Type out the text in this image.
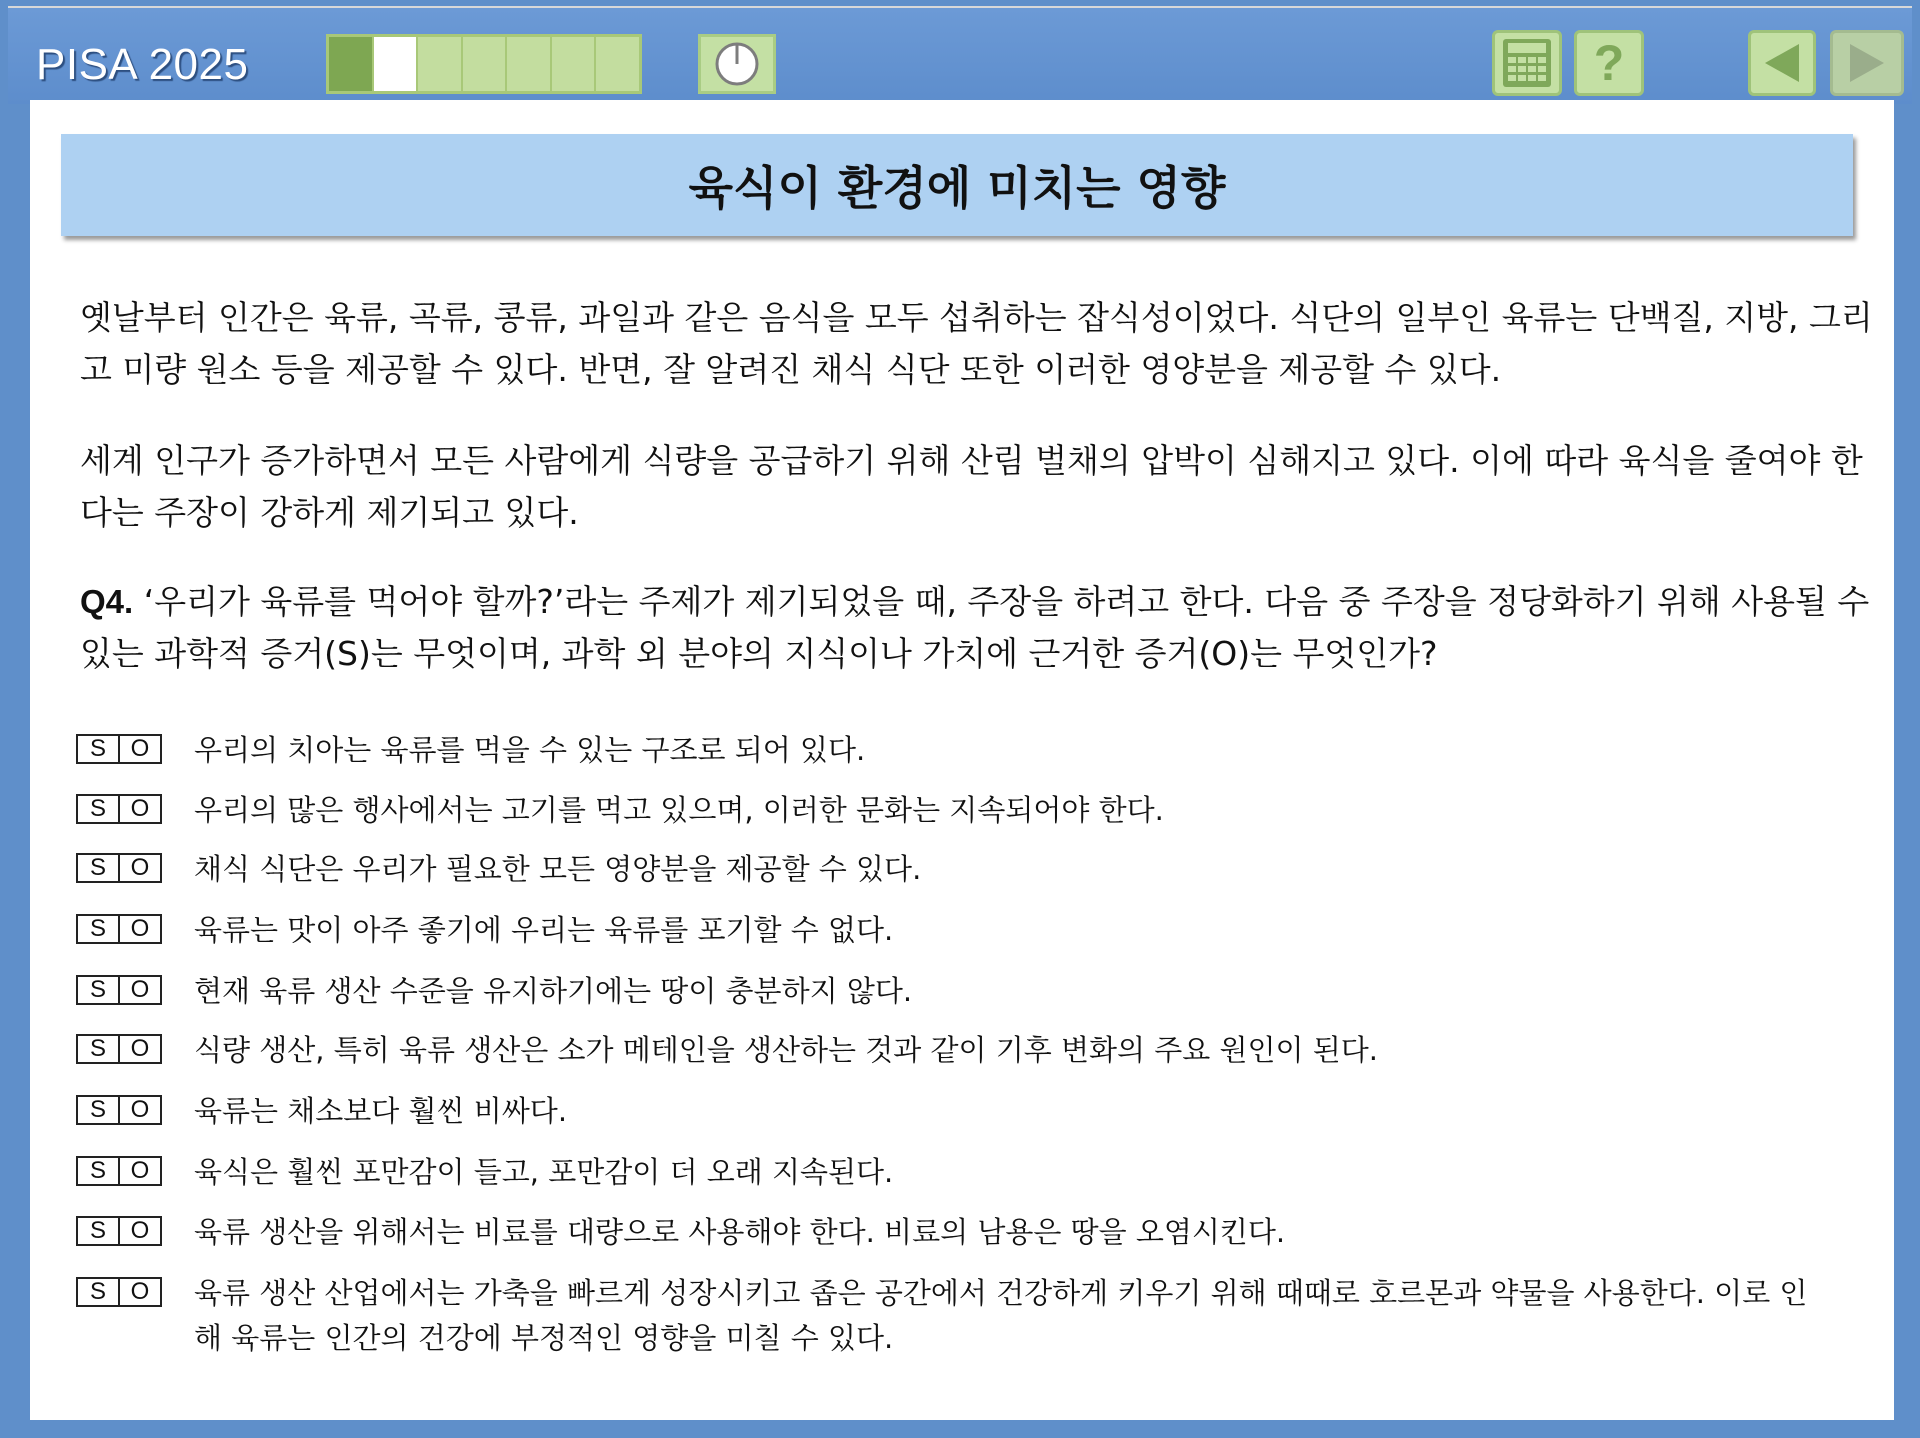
PISA 2025	?
육식이 환경에 미치는 영향

옛날부터 인간은 육류, 곡류, 콩류, 과일과 같은 음식을 모두 섭취하는 잡식성이었다. 식단의 일부인 육류는 단백질, 지방, 그리고 미량 원소 등을 제공할 수 있다. 반면, 잘 알려진 채식 식단 또한 이러한 영양분을 제공할 수 있다.

세계 인구가 증가하면서 모든 사람에게 식량을 공급하기 위해 산림 벌채의 압박이 심해지고 있다. 이에 따라 육식을 줄여야 한다는 주장이 강하게 제기되고 있다.

Q4. ‘우리가 육류를 먹어야 할까?’라는 주제가 제기되었을 때, 주장을 하려고 한다. 다음 중 주장을 정당화하기 위해 사용될 수 있는 과학적 증거(S)는 무엇이며, 과학 외 분야의 지식이나 가치에 근거한 증거(O)는 무엇인가?

S	O	우리의 치아는 육류를 먹을 수 있는 구조로 되어 있다.
S	O	우리의 많은 행사에서는 고기를 먹고 있으며, 이러한 문화는 지속되어야 한다.
S	O	채식 식단은 우리가 필요한 모든 영양분을 제공할 수 있다.
S	O	육류는 맛이 아주 좋기에 우리는 육류를 포기할 수 없다.
S	O	현재 육류 생산 수준을 유지하기에는 땅이 충분하지 않다.
S	O	식량 생산, 특히 육류 생산은 소가 메테인을 생산하는 것과 같이 기후 변화의 주요 원인이 된다.
S	O	육류는 채소보다 훨씬 비싸다.
S	O	육식은 훨씬 포만감이 들고, 포만감이 더 오래 지속된다.
S	O	육류 생산을 위해서는 비료를 대량으로 사용해야 한다. 비료의 남용은 땅을 오염시킨다.
S	O	육류 생산 산업에서는 가축을 빠르게 성장시키고 좁은 공간에서 건강하게 키우기 위해 때때로 호르몬과 약물을 사용한다. 이로 인해 육류는 인간의 건강에 부정적인 영향을 미칠 수 있다.
